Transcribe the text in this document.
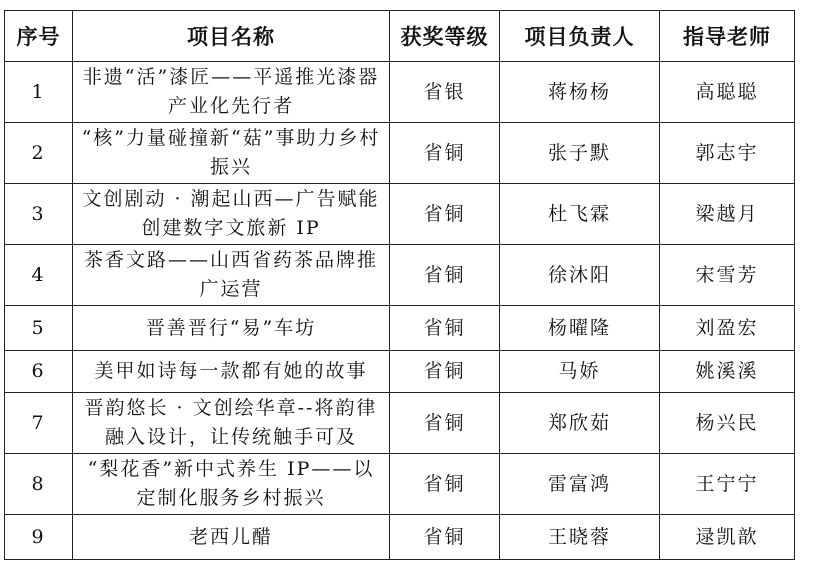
序号	项目名称	获奖等级	项目负责人	指导老师
1	非遗“活”漆匠——平遥推光漆器产业化先行者	省银	蒋杨杨	高聪聪
2	“核”力量碰撞新“菇”事助力乡村振兴	省铜	张子默	郭志宇
3	文创剧动 · 潮起山西—广告赋能创建数字文旅新 IP	省铜	杜飞霖	梁越月
4	茶香文路——山西省药茶品牌推广运营	省铜	徐沐阳	宋雪芳
5	晋善晋行“易”车坊	省铜	杨曜隆	刘盈宏
6	美甲如诗每一款都有她的故事	省铜	马娇	姚溪溪
7	晋韵悠长 · 文创绘华章--将韵律融入设计，让传统触手可及	省铜	郑欣茹	杨兴民
8	“梨花香”新中式养生 IP——以定制化服务乡村振兴	省铜	雷富鸿	王宁宁
9	老西儿醋	省铜	王晓蓉	逯凯歆
